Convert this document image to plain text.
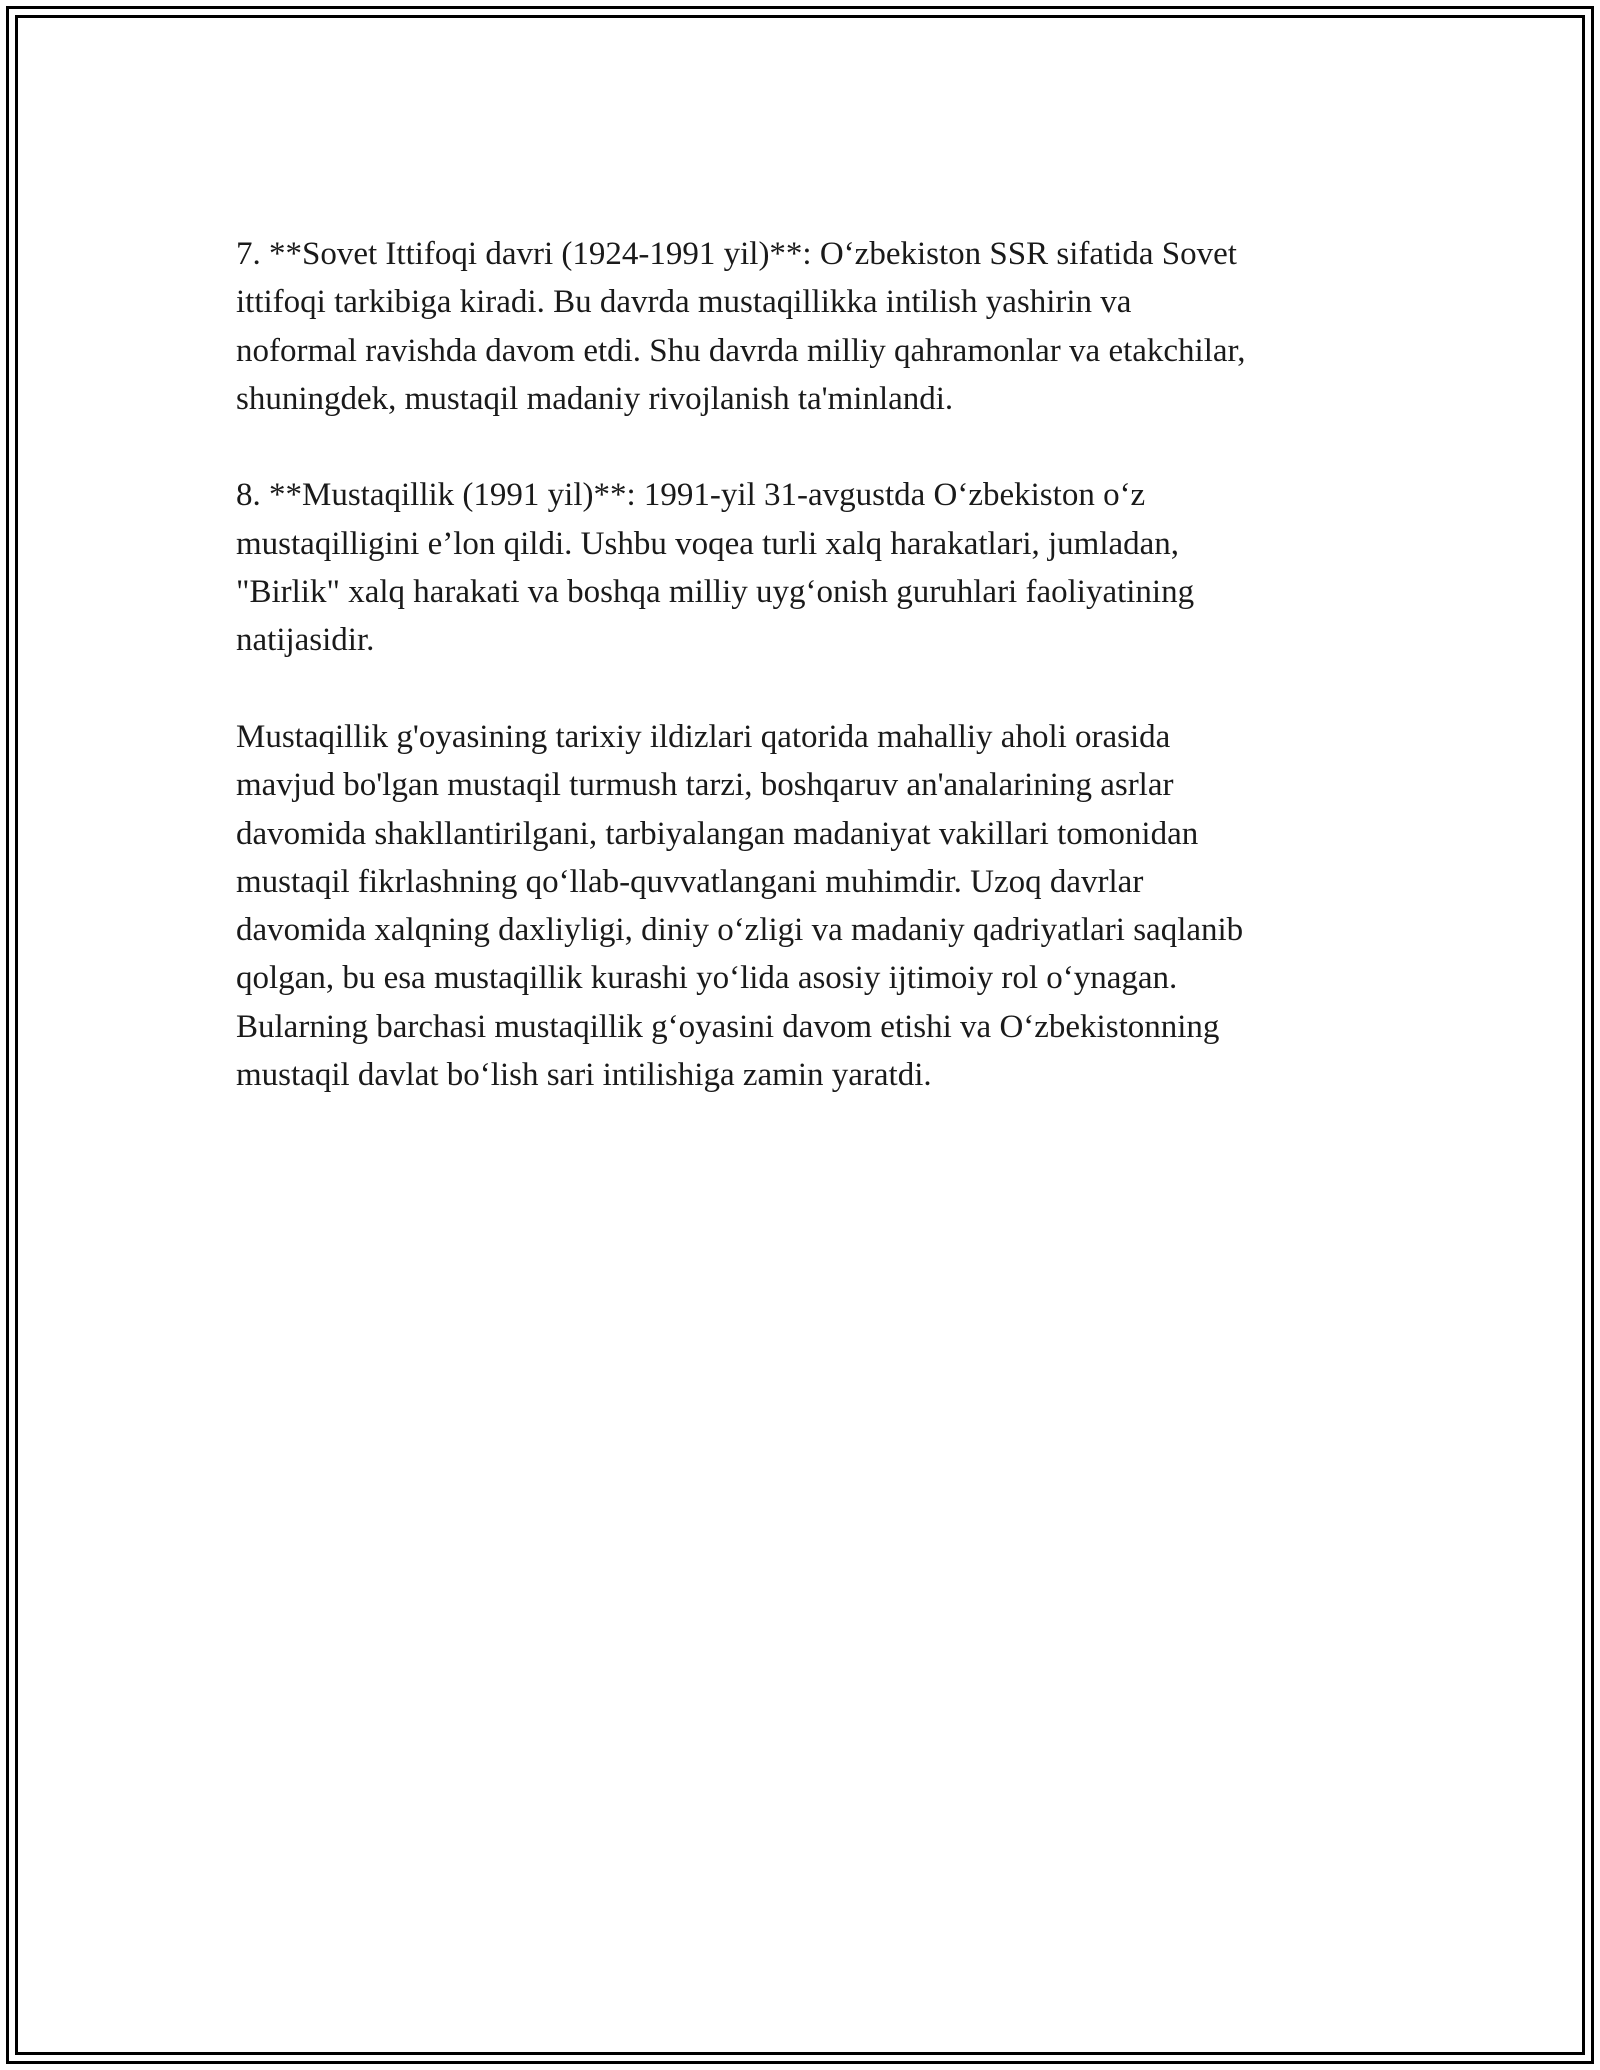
7. **Sovet Ittifoqi davri (1924-1991 yil)**: O‘zbekiston SSR sifatida Sovet
ittifoqi tarkibiga kiradi. Bu davrda mustaqillikka intilish yashirin va
noformal ravishda davom etdi. Shu davrda milliy qahramonlar va etakchilar,
shuningdek, mustaqil madaniy rivojlanish ta'minlandi.

8. **Mustaqillik (1991 yil)**: 1991-yil 31-avgustda O‘zbekiston o‘z
mustaqilligini e’lon qildi. Ushbu voqea turli xalq harakatlari, jumladan,
"Birlik" xalq harakati va boshqa milliy uyg‘onish guruhlari faoliyatining
natijasidir.

Mustaqillik g'oyasining tarixiy ildizlari qatorida mahalliy aholi orasida
mavjud bo'lgan mustaqil turmush tarzi, boshqaruv an'analarining asrlar
davomida shakllantirilgani, tarbiyalangan madaniyat vakillari tomonidan
mustaqil fikrlashning qo‘llab-quvvatlangani muhimdir. Uzoq davrlar
davomida xalqning daxliyligi, diniy o‘zligi va madaniy qadriyatlari saqlanib
qolgan, bu esa mustaqillik kurashi yo‘lida asosiy ijtimoiy rol o‘ynagan.
Bularning barchasi mustaqillik g‘oyasini davom etishi va O‘zbekistonning
mustaqil davlat bo‘lish sari intilishiga zamin yaratdi.
